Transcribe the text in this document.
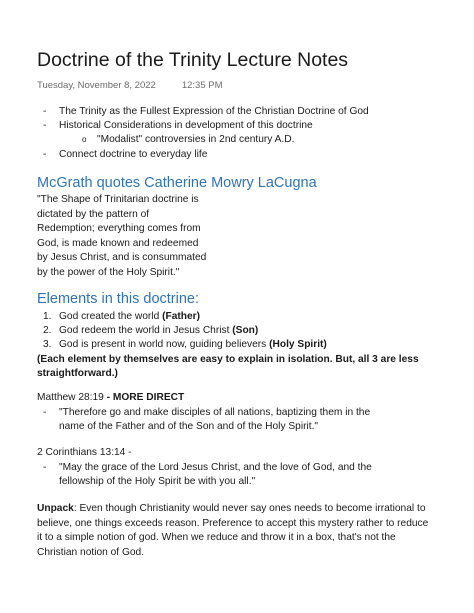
Doctrine of the Trinity Lecture Notes
Tuesday, November 8, 2022	12:35 PM
- The Trinity as the Fullest Expression of the Christian Doctrine of God
- Historical Considerations in development of this doctrine
o "Modalist" controversies in 2nd century A.D.
- Connect doctrine to everyday life
McGrath quotes Catherine Mowry LaCugna
"The Shape of Trinitarian doctrine is
dictated by the pattern of
Redemption; everything comes from
God, is made known and redeemed
by Jesus Christ, and is consummated
by the power of the Holy Spirit."
Elements in this doctrine:
1. God created the world (Father)
2. God redeem the world in Jesus Christ (Son)
3. God is present in world now, guiding believers (Holy Spirit)
(Each element by themselves are easy to explain in isolation. But, all 3 are less
straightforward.)
Matthew 28:19 - MORE DIRECT
- "Therefore go and make disciples of all nations, baptizing them in the
name of the Father and of the Son and of the Holy Spirit."
2 Corinthians 13:14 -
- "May the grace of the Lord Jesus Christ, and the love of God, and the
fellowship of the Holy Spirit be with you all."
Unpack: Even though Christianity would never say ones needs to become irrational to
believe, one things exceeds reason. Preference to accept this mystery rather to reduce
it to a simple notion of god. When we reduce and throw it in a box, that's not the
Christian notion of God.
